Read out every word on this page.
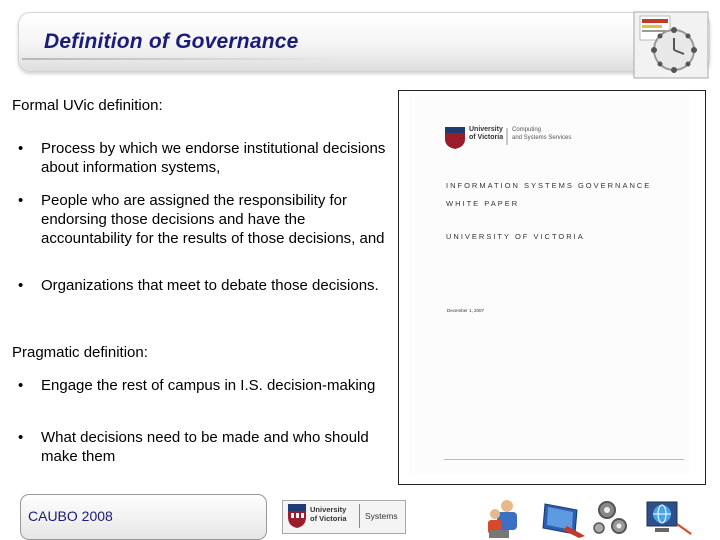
Definition of Governance
Formal UVic definition:
• Process by which we endorse institutional decisions about information systems,
• People who are assigned the responsibility for endorsing those decisions and have the accountability for the results of those decisions, and
• Organizations that meet to debate those decisions.
Pragmatic definition:
• Engage the rest of campus in I.S. decision-making
• What decisions need to be made and who should make them
University
of Victoria
Computing
and Systems Services
INFORMATION SYSTEMS GOVERNANCE
WHITE PAPER
UNIVERSITY OF VICTORIA
December 1, 2007
CAUBO 2008	University
of Victoria Systems
